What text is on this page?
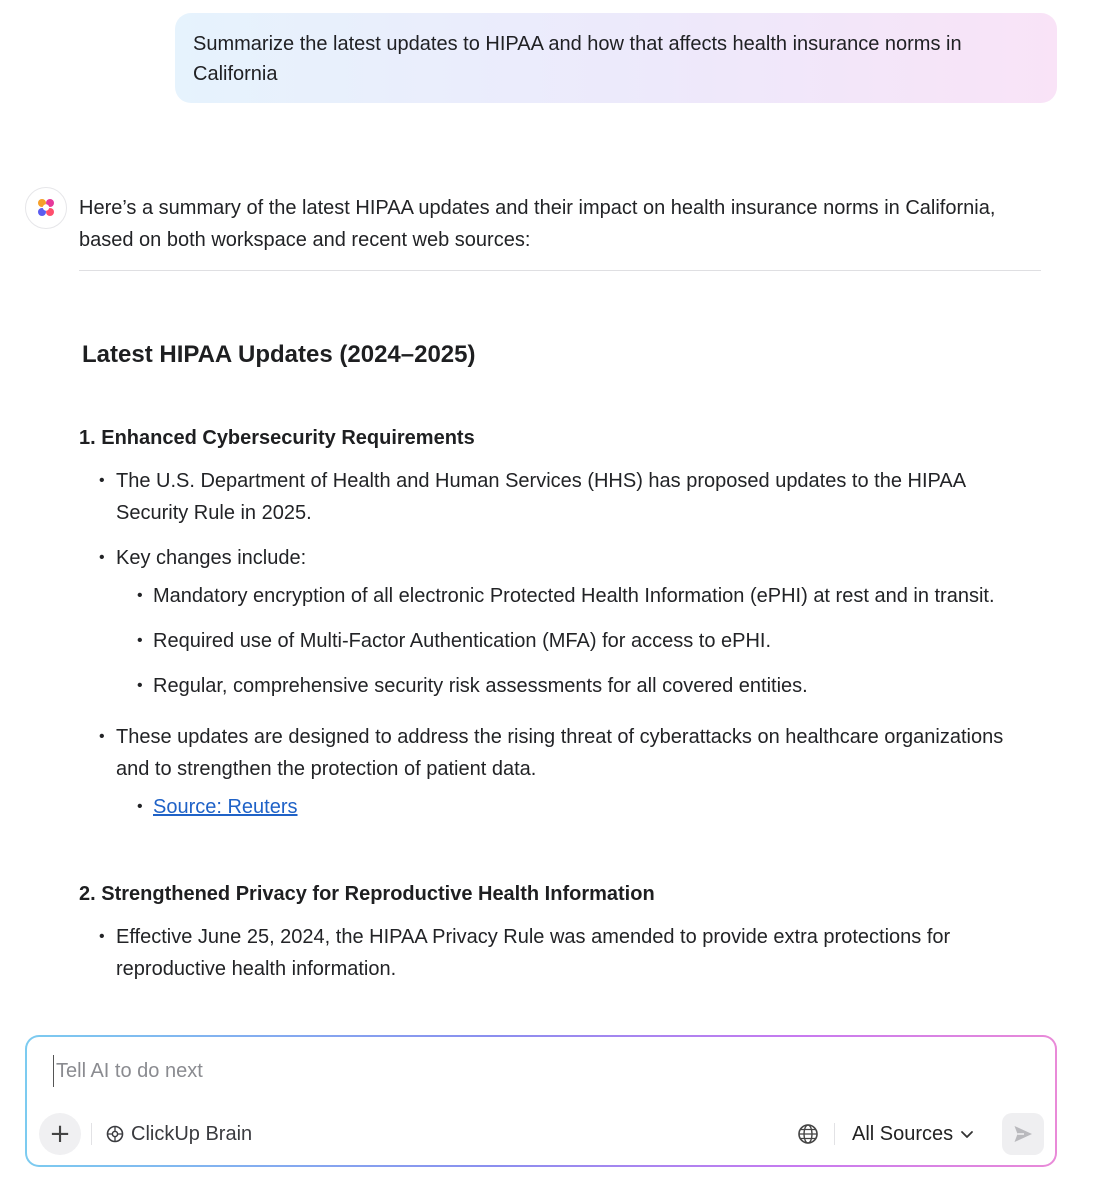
Summarize the latest updates to HIPAA and how that affects health insurance norms in California

Here’s a summary of the latest HIPAA updates and their impact on health insurance norms in California, based on both workspace and recent web sources:

Latest HIPAA Updates (2024–2025)
1. Enhanced Cybersecurity Requirements
• The U.S. Department of Health and Human Services (HHS) has proposed updates to the HIPAA Security Rule in 2025.
• Key changes include:
• Mandatory encryption of all electronic Protected Health Information (ePHI) at rest and in transit.
• Required use of Multi-Factor Authentication (MFA) for access to ePHI.
• Regular, comprehensive security risk assessments for all covered entities.
• These updates are designed to address the rising threat of cyberattacks on healthcare organizations and to strengthen the protection of patient data.
• Source: Reuters
2. Strengthened Privacy for Reproductive Health Information
• Effective June 25, 2024, the HIPAA Privacy Rule was amended to provide extra protections for reproductive health information.
Tell AI to do next
+	ClickUp Brain	All Sources
